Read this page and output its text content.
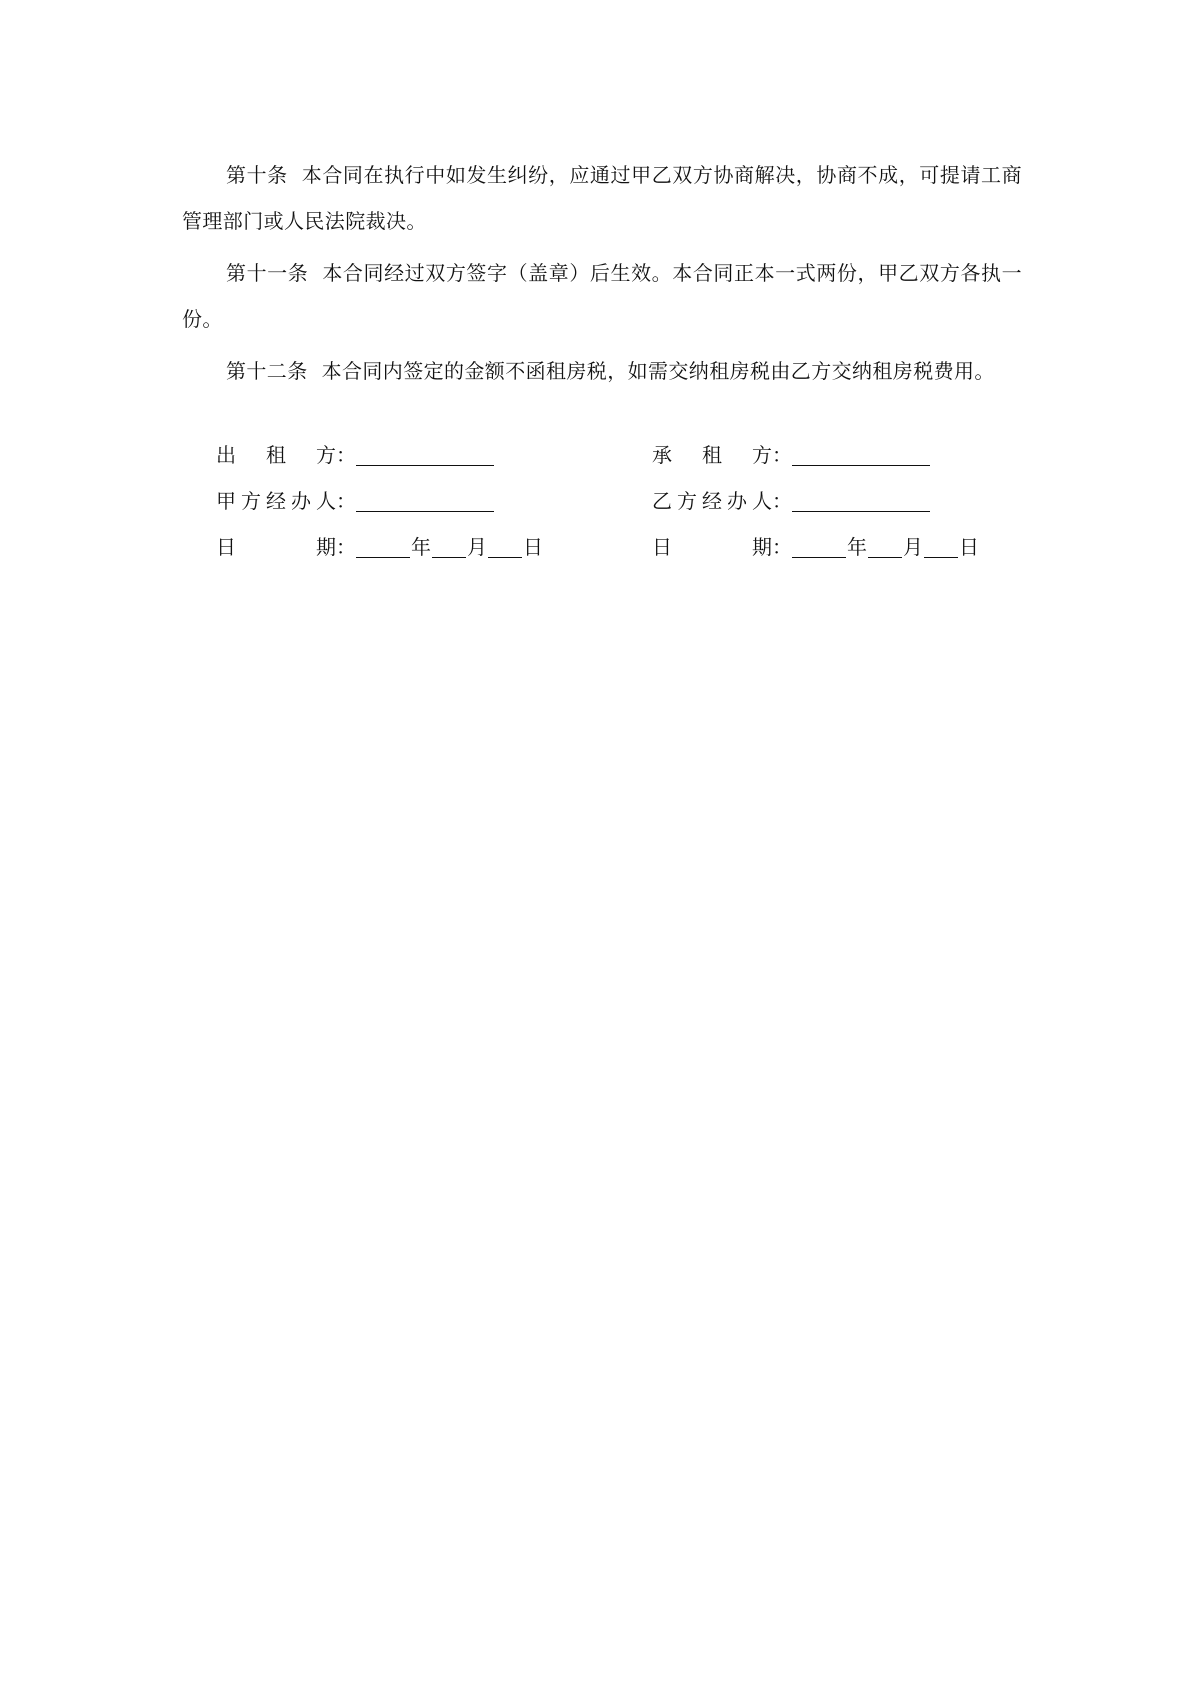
第十条 本合同在执行中如发生纠纷，应通过甲乙双方协商解决，协商不成，可提请工商管理部门或人民法院裁决。

第十一条 本合同经过双方签字（盖章）后生效。本合同正本一式两份，甲乙双方各执一份。

第十二条 本合同内签定的金额不函租房税，如需交纳租房税由乙方交纳租房税费用。

出 租 方 ：
甲方经办人 ：
日 期 ：	年 月 日
承 租 方 ：
乙方经办人 ：
日 期 ：	年 月 日
